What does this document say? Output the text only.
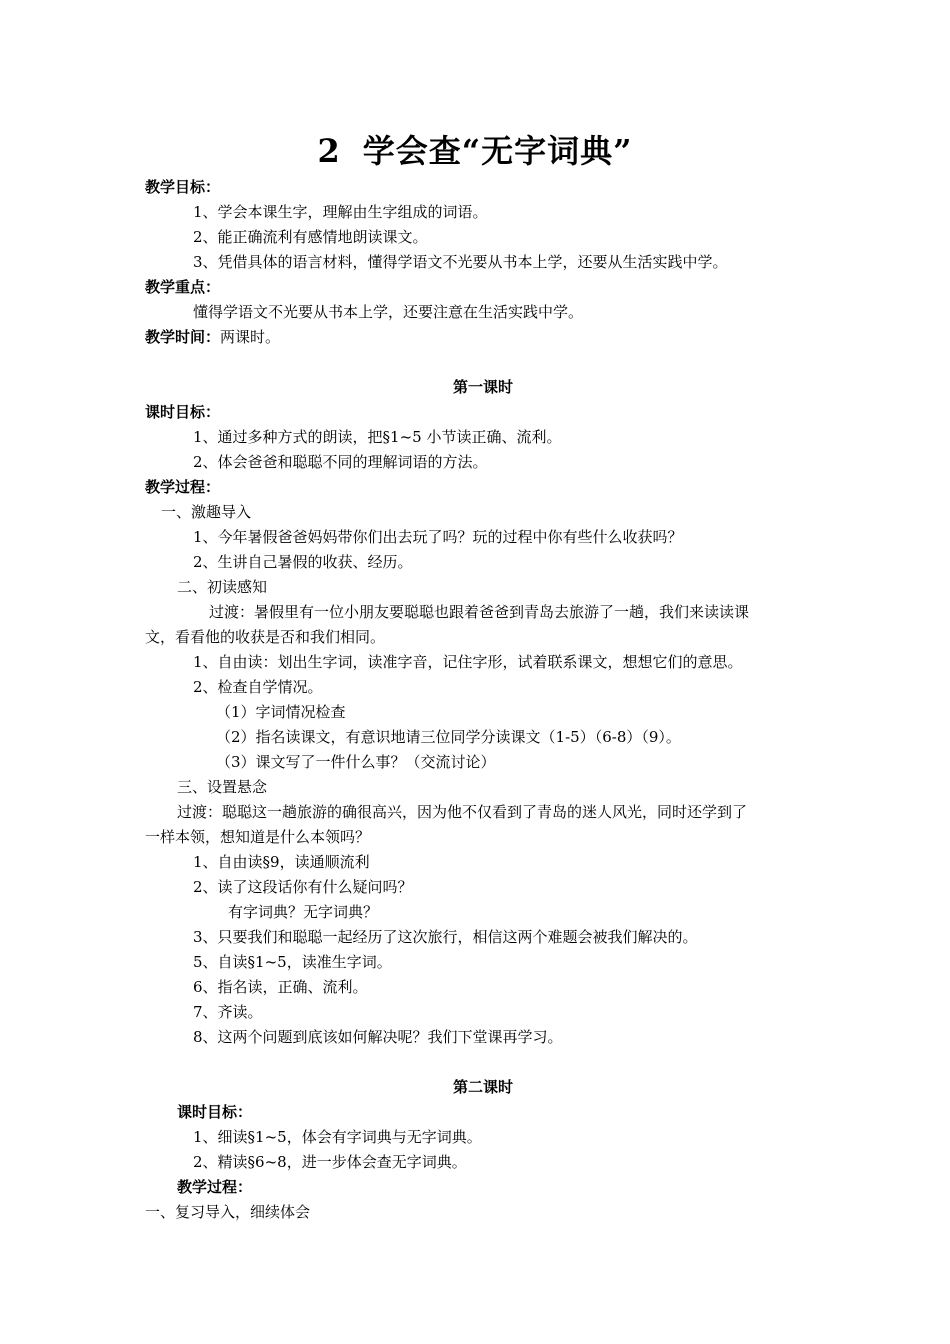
2 学会查“无字词典”
教学目标：
1、学会本课生字，理解由生字组成的词语。
2、能正确流利有感情地朗读课文。
3、凭借具体的语言材料，懂得学语文不光要从书本上学，还要从生活实践中学。
教学重点：
懂得学语文不光要从书本上学，还要注意在生活实践中学。
教学时间：两课时。
第一课时
课时目标：
1、通过多种方式的朗读，把§1~5 小节读正确、流利。
2、体会爸爸和聪聪不同的理解词语的方法。
教学过程：
一、激趣导入
1、今年暑假爸爸妈妈带你们出去玩了吗？玩的过程中你有些什么收获吗？
2、生讲自己暑假的收获、经历。
二、初读感知
过渡：暑假里有一位小朋友要聪聪也跟着爸爸到青岛去旅游了一趟，我们来读读课
文，看看他的收获是否和我们相同。
1、自由读：划出生字词，读准字音，记住字形，试着联系课文，想想它们的意思。
2、检查自学情况。
（1）字词情况检查
（2）指名读课文，有意识地请三位同学分读课文（1-5）（6-8）（9）。
（3）课文写了一件什么事？（交流讨论）
三、设置悬念
过渡：聪聪这一趟旅游的确很高兴，因为他不仅看到了青岛的迷人风光，同时还学到了
一样本领，想知道是什么本领吗？
1、自由读§9，读通顺流利
2、读了这段话你有什么疑问吗？
有字词典？无字词典？
3、只要我们和聪聪一起经历了这次旅行，相信这两个难题会被我们解决的。
5、自读§1~5，读准生字词。
6、指名读，正确、流利。
7、齐读。
8、这两个问题到底该如何解决呢？我们下堂课再学习。
第二课时
课时目标：
1、细读§1~5，体会有字词典与无字词典。
2、精读§6~8，进一步体会查无字词典。
教学过程：
一、复习导入，细续体会
